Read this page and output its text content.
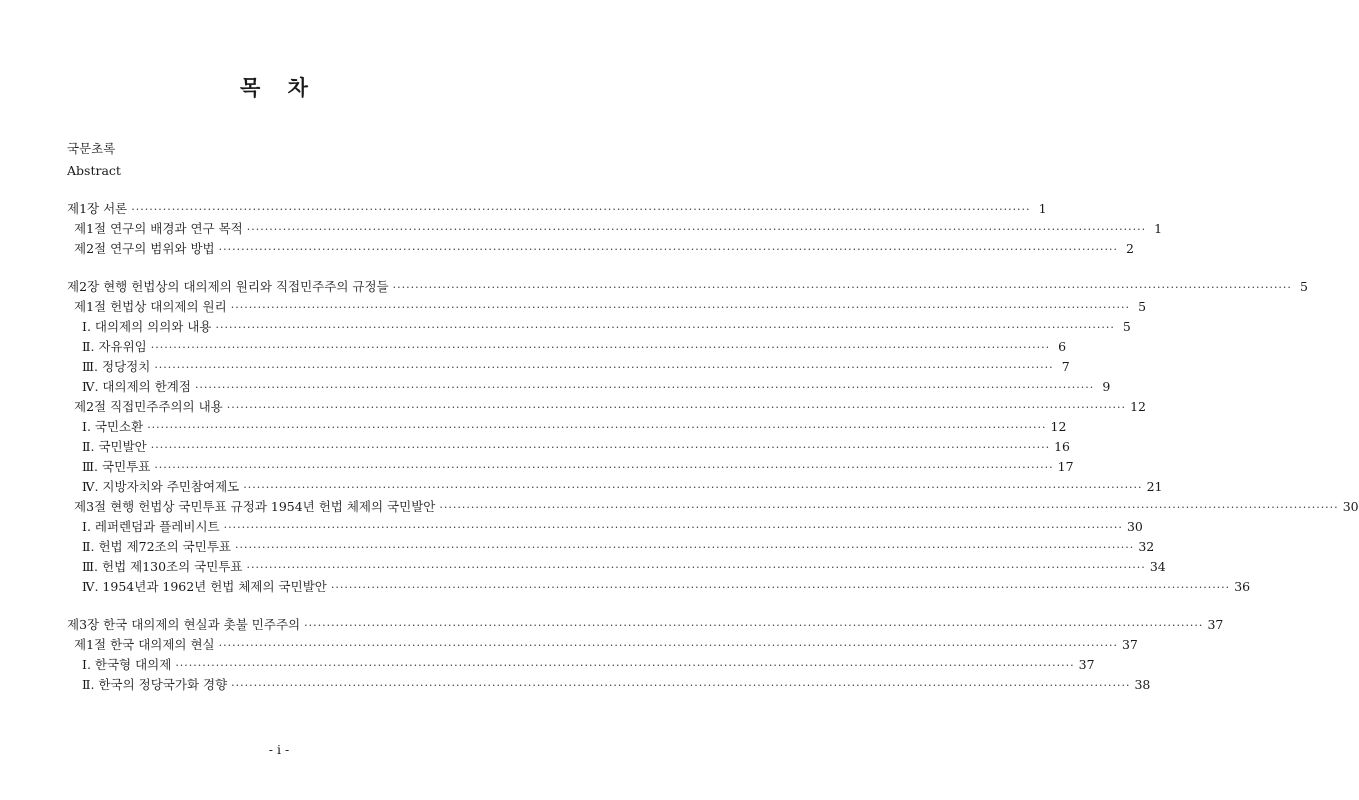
목 차
국문초록
Abstract
제1장 서론 ········································································································································································································ 1
제1절 연구의 배경과 연구 목적 ········································································································································································································ 1
제2절 연구의 범위와 방법 ········································································································································································································ 2
제2장 현행 헌법상의 대의제의 원리와 직접민주주의 규정들 ········································································································································································································ 5
제1절 헌법상 대의제의 원리 ········································································································································································································ 5
Ⅰ. 대의제의 의의와 내용 ········································································································································································································ 5
Ⅱ. 자유위임 ········································································································································································································ 6
Ⅲ. 정당정치 ········································································································································································································ 7
Ⅳ. 대의제의 한계점 ········································································································································································································ 9
제2절 직접민주주의의 내용 ········································································································································································································ 12
Ⅰ. 국민소환 ········································································································································································································ 12
Ⅱ. 국민발안 ········································································································································································································ 16
Ⅲ. 국민투표 ········································································································································································································ 17
Ⅳ. 지방자치와 주민참여제도 ········································································································································································································ 21
제3절 현행 헌법상 국민투표 규정과 1954년 헌법 체제의 국민발안 ········································································································································································································ 30
Ⅰ. 레퍼렌덤과 플레비시트 ········································································································································································································ 30
Ⅱ. 헌법 제72조의 국민투표 ········································································································································································································ 32
Ⅲ. 헌법 제130조의 국민투표 ········································································································································································································ 34
Ⅳ. 1954년과 1962년 헌법 체제의 국민발안 ········································································································································································································ 36
제3장 한국 대의제의 현실과 촛불 민주주의 ········································································································································································································ 37
제1절 한국 대의제의 현실 ········································································································································································································ 37
Ⅰ. 한국형 대의제 ········································································································································································································ 37
Ⅱ. 한국의 정당국가화 경향 ········································································································································································································ 38
- i -
